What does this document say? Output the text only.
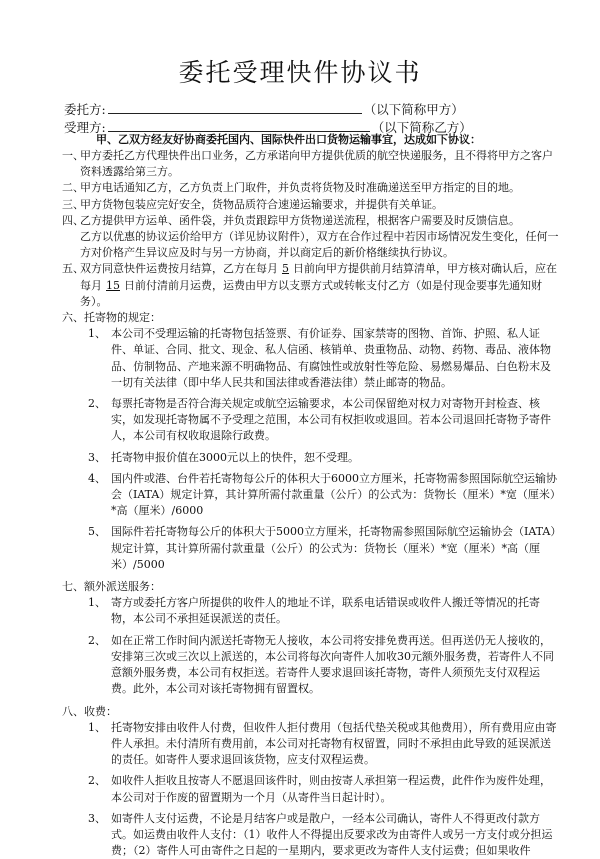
委托受理快件协议书
委托方:	（以下简称甲方）
受理方:	（以下简称乙方）
甲、乙双方经友好协商委托国内、国际快件出口货物运输事宜，达成如下协议：
一、
甲方委托乙方代理快件出口业务，乙方承诺向甲方提供优质的航空快递服务，且不得将甲方之客户资料透露给第三方。
二、
甲方电话通知乙方，乙方负责上门取件，并负责将货物及时准确递送至甲方指定的目的地。
三、
甲方货物包装应完好安全，货物品质符合速递运输要求，并提供有关单证。
四、
乙方提供甲方运单、函件袋，并负责跟踪甲方货物递送流程，根据客户需要及时反馈信息。
乙方以优惠的协议运价给甲方（详见协议附件），双方在合作过程中若因市场情况发生变化，任何一方对价格产生异议应及时与另一方协商，并以商定后的新价格继续执行协议。
五、
双方同意快件运费按月结算，乙方在每月 5 日前向甲方提供前月结算清单，甲方核对确认后，应在每月 15 日前付清前月运费，运费由甲方以支票方式或转帐支付乙方（如是付现金要事先通知财务）。
六、托寄物的规定：
1、 本公司不受理运输的托寄物包括签票、有价证券、国家禁寄的图物、首饰、护照、私人证件、单证、合同、批文、现金、私人信函、核销单、贵重物品、动物、药物、毒品、液体物品、仿制物品、产地来源不明确物品、有腐蚀性或放射性等危险、易燃易爆品、白色粉末及一切有关法律（即中华人民共和国法律或香港法律）禁止邮寄的物品。
2、 每票托寄物是否符合海关规定或航空运输要求，本公司保留绝对权力对寄物开封检查、核实，如发现托寄物属不予受理之范围，本公司有权拒收或退回。若本公司退回托寄物予寄件人，本公司有权收取退除行政费。
3、 托寄物申报价值在3000元以上的快件，恕不受理。
4、 国内件或港、台件若托寄物每公斤的体积大于6000立方厘米，托寄物需参照国际航空运输协会（IATA）规定计算，其计算所需付款重量（公斤）的公式为：货物长（厘米）*宽（厘米）*高（厘米）/6000
5、 国际件若托寄物每公斤的体积大于5000立方厘米，托寄物需参照国际航空运输协会（IATA）规定计算，其计算所需付款重量（公斤）的公式为：货物长（厘米）*宽（厘米）*高（厘米）/5000
七、额外派送服务：
1、 寄方或委托方客户所提供的收件人的地址不详，联系电话错误或收件人搬迁等情况的托寄物，本公司不承担延误派送的责任。
2、 如在正常工作时间内派送托寄物无人接收，本公司将安排免费再送。但再送仍无人接收的，安排第三次或三次以上派送的，本公司将每次向寄件人加收30元额外服务费，若寄件人不同意额外服务费，本公司有权拒送。若寄件人要求退回该托寄物，寄件人须预先支付双程运费。此外，本公司对该托寄物拥有留置权。
八、收费：
1、 托寄物安排由收件人付费，但收件人拒付费用（包括代垫关税或其他费用），所有费用应由寄件人承担。未付清所有费用前，本公司对托寄物有权留置，同时不承担由此导致的延误派送的责任。如寄件人要求退回该货物，应支付双程运费。
2、 如收件人拒收且按寄人不愿退回该件时，则由按寄人承担第一程运费，此件作为废件处理，本公司对于作废的留置期为一个月（从寄件当日起计时）。
3、 如寄件人支付运费，不论是月结客户或是散户，一经本公司确认，寄件人不得更改付款方式。如运费由收件人支付：（1）收件人不得提出反要求改为由寄件人或另一方支付或分担运费；（2）寄件人可由寄件之日起的一星期内，要求更改为寄件人支付运费；但如果收件
